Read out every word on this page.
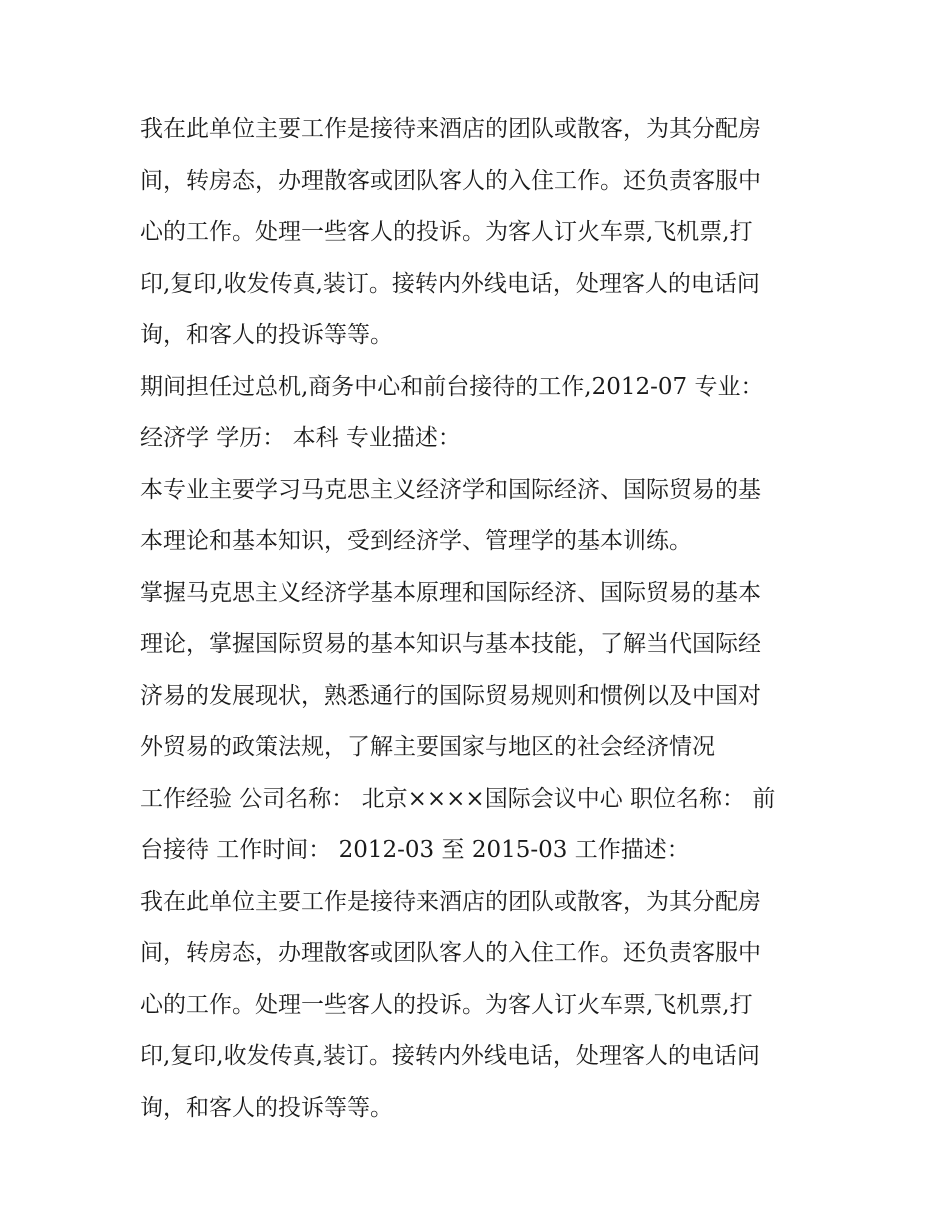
我在此单位主要工作是接待来酒店的团队或散客，为其分配房
间，转房态，办理散客或团队客人的入住工作。还负责客服中
心的工作。处理一些客人的投诉。为客人订火车票,飞机票,打
印,复印,收发传真,装订。接转内外线电话，处理客人的电话问
询，和客人的投诉等等。

期间担任过总机,商务中心和前台接待的工作,2012-07 专业：
经济学 学历： 本科 专业描述：

本专业主要学习马克思主义经济学和国际经济、国际贸易的基
本理论和基本知识，受到经济学、管理学的基本训练。

掌握马克思主义经济学基本原理和国际经济、国际贸易的基本
理论，掌握国际贸易的基本知识与基本技能，了解当代国际经
济易的发展现状，熟悉通行的国际贸易规则和惯例以及中国对
外贸易的政策法规，了解主要国家与地区的社会经济情况

工作经验 公司名称： 北京××××国际会议中心 职位名称： 前
台接待 工作时间： 2012-03 至 2015-03 工作描述：

我在此单位主要工作是接待来酒店的团队或散客，为其分配房
间，转房态，办理散客或团队客人的入住工作。还负责客服中
心的工作。处理一些客人的投诉。为客人订火车票,飞机票,打
印,复印,收发传真,装订。接转内外线电话，处理客人的电话问
询，和客人的投诉等等。
